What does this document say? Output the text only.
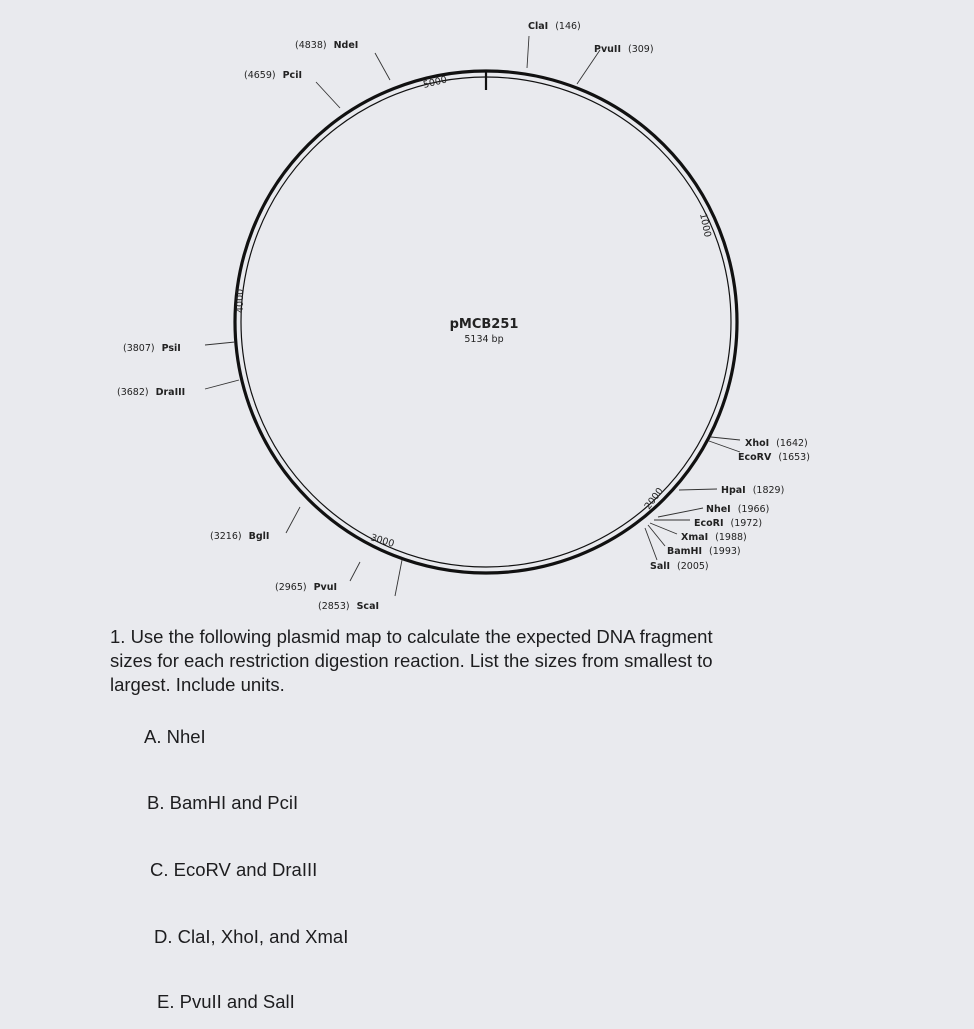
pMCB251
5134 bp
5000
1000
2000
3000
4000
ClaI (146)
PvuII (309)
(4838) NdeI
(4659) PciI
(3807) PsiI
(3682) DraIII
XhoI (1642)
EcoRV (1653)
HpaI (1829)
NheI (1966)
EcoRI (1972)
XmaI (1988)
BamHI (1993)
SalI (2005)
(3216) BglI
(2965) PvuI
(2853) ScaI
1. Use the following plasmid map to calculate the expected DNA fragment
sizes for each restriction digestion reaction. List the sizes from smallest to
largest. Include units.
A. NheI
B. BamHI and PciI
C. EcoRV and DraIII
D. ClaI, XhoI, and XmaI
E. PvuII and SalI
